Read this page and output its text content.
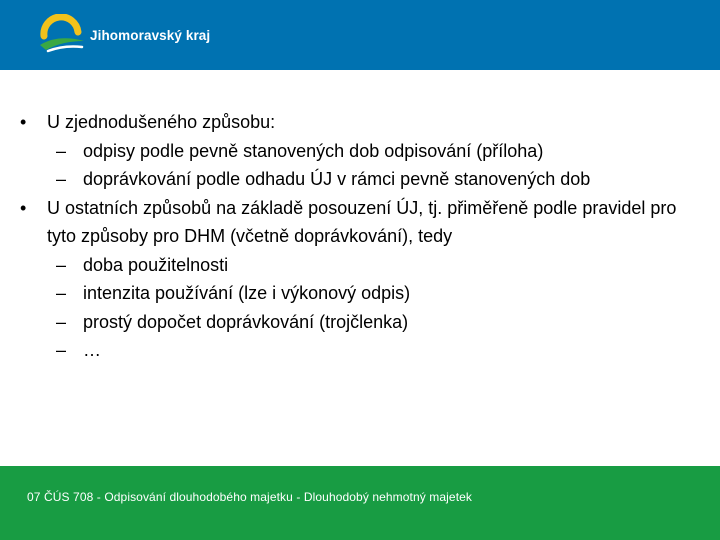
Jihomoravský kraj
•	U zjednodušeného způsobu:
– odpisy podle pevně stanovených dob odpisování (příloha)
– doprávkování podle odhadu ÚJ v rámci pevně stanovených dob
•	U ostatních způsobů na základě posouzení ÚJ, tj. přiměřeně podle pravidel pro tyto způsoby pro DHM (včetně doprávkování), tedy
– doba použitelnosti
– intenzita používání (lze i výkonový odpis)
– prostý dopočet doprávkování (trojčlenka)
– …
07 ČÚS 708 - Odpisování dlouhodobého majetku - Dlouhodobý nehmotný majetek
